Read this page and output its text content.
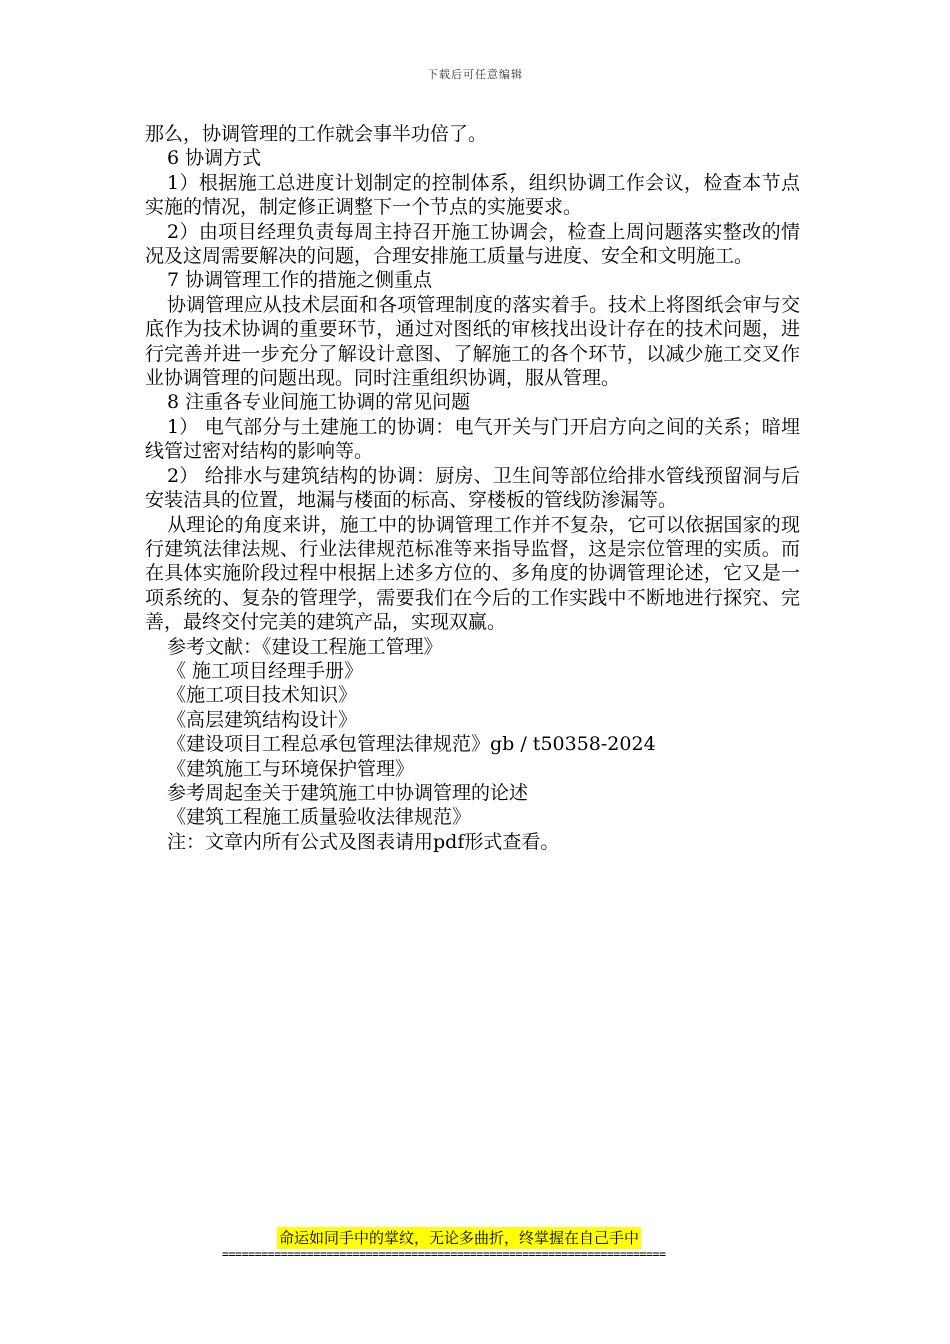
下载后可任意编辑

那么，协调管理的工作就会事半功倍了。

6 协调方式

1）根据施工总进度计划制定的控制体系，组织协调工作会议，检查本节点实施的情况，制定修正调整下一个节点的实施要求。

2）由项目经理负责每周主持召开施工协调会，检查上周问题落实整改的情况及这周需要解决的问题，合理安排施工质量与进度、安全和文明施工。

7 协调管理工作的措施之侧重点

协调管理应从技术层面和各项管理制度的落实着手。技术上将图纸会审与交底作为技术协调的重要环节，通过对图纸的审核找出设计存在的技术问题，进行完善并进一步充分了解设计意图、了解施工的各个环节，以减少施工交叉作业协调管理的问题出现。同时注重组织协调，服从管理。

8 注重各专业间施工协调的常见问题

1） 电气部分与土建施工的协调：电气开关与门开启方向之间的关系；暗埋线管过密对结构的影响等。

2） 给排水与建筑结构的协调：厨房、卫生间等部位给排水管线预留洞与后安装洁具的位置，地漏与楼面的标高、穿楼板的管线防渗漏等。

从理论的角度来讲，施工中的协调管理工作并不复杂，它可以依据国家的现行建筑法律法规、行业法律规范标准等来指导监督，这是宗位管理的实质。而在具体实施阶段过程中根据上述多方位的、多角度的协调管理论述，它又是一项系统的、复杂的管理学，需要我们在今后的工作实践中不断地进行探究、完善，最终交付完美的建筑产品，实现双赢。

参考文献：《建设工程施工管理》

《 施工项目经理手册》

《施工项目技术知识》

《高层建筑结构设计》

《建设项目工程总承包管理法律规范》gb / t50358-2024

《建筑施工与环境保护管理》

参考周起奎关于建筑施工中协调管理的论述

《建筑工程施工质量验收法律规范》

注：文章内所有公式及图表请用pdf形式查看。

命运如同手中的掌纹，无论多曲折，终掌握在自己手中
====================================================================
